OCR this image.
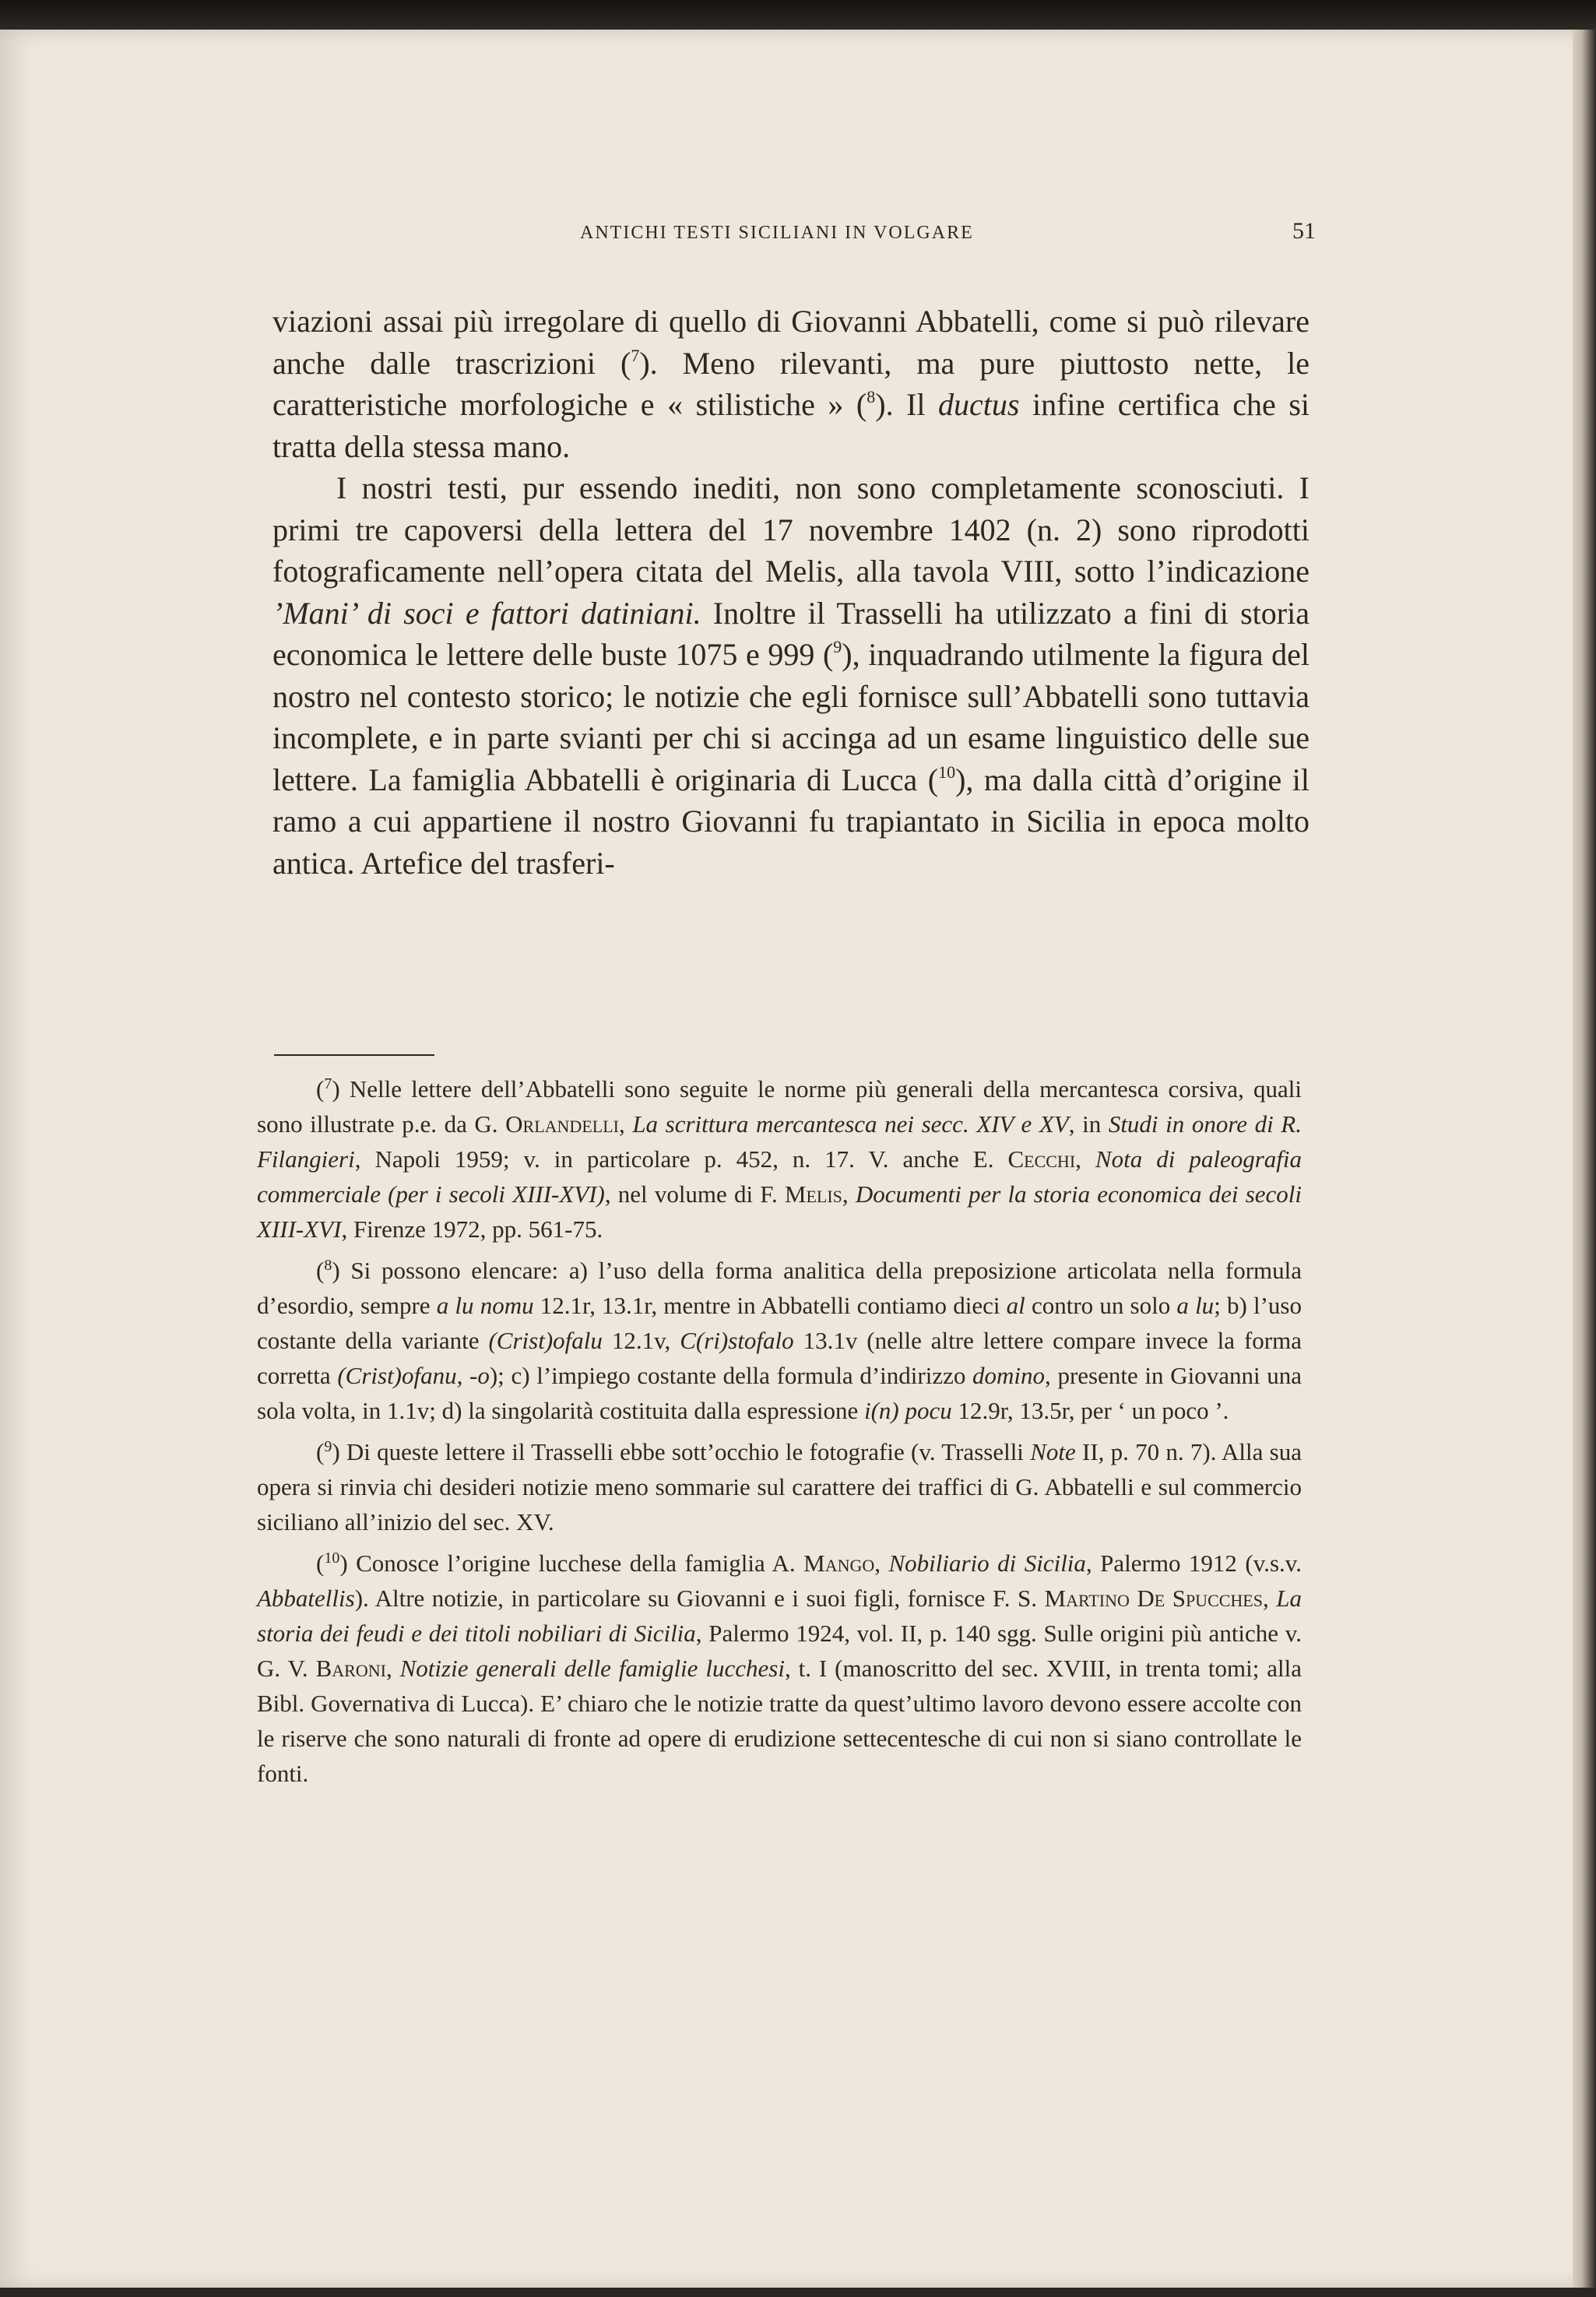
ANTICHI TESTI SICILIANI IN VOLGARE	51

viazioni assai più irregolare di quello di Giovanni Abbatelli, come si può rilevare anche dalle trascrizioni ($^7$). Meno rilevanti, ma pure piuttosto nette, le caratteristiche morfologiche e « stilistiche » ($^8$). Il ductus infine certifica che si tratta della stessa mano.

I nostri testi, pur essendo inediti, non sono completamente sconosciuti. I primi tre capoversi della lettera del 17 novembre 1402 (n. 2) sono riprodotti fotograficamente nell’opera citata del Melis, alla tavola VIII, sotto l’indicazione ’Mani’ di soci e fattori datiniani. Inoltre il Trasselli ha utilizzato a fini di storia economica le lettere delle buste 1075 e 999 ($^9$), inquadrando utilmente la figura del nostro nel contesto storico; le notizie che egli fornisce sull’Abbatelli sono tuttavia incomplete, e in parte svianti per chi si accinga ad un esame linguistico delle sue lettere. La famiglia Abbatelli è originaria di Lucca ($^{10}$), ma dalla città d’origine il ramo a cui appartiene il nostro Giovanni fu trapiantato in Sicilia in epoca molto antica. Artefice del trasferi-

($^7$) Nelle lettere dell’Abbatelli sono seguite le norme più generali della mercantesca corsiva, quali sono illustrate p.e. da G. Orlandelli, La scrittura mercantesca nei secc. XIV e XV, in Studi in onore di R. Filangieri, Napoli 1959; v. in particolare p. 452, n. 17. V. anche E. Cecchi, Nota di paleografia commerciale (per i secoli XIII-XVI), nel volume di F. Melis, Documenti per la storia economica dei secoli XIII-XVI, Firenze 1972, pp. 561-75.

($^8$) Si possono elencare: a) l’uso della forma analitica della preposizione articolata nella formula d’esordio, sempre a lu nomu 12.1r, 13.1r, mentre in Abbatelli contiamo dieci al contro un solo a lu; b) l’uso costante della variante (Crist)ofalu 12.1v, C(ri)stofalo 13.1v (nelle altre lettere compare invece la forma corretta (Crist)ofanu, -o); c) l’impiego costante della formula d’indirizzo domino, presente in Giovanni una sola volta, in 1.1v; d) la singolarità costituita dalla espressione i(n) pocu 12.9r, 13.5r, per ‘ un poco ’.

($^9$) Di queste lettere il Trasselli ebbe sott’occhio le fotografie (v. Trasselli Note II, p. 70 n. 7). Alla sua opera si rinvia chi desideri notizie meno sommarie sul carattere dei traffici di G. Abbatelli e sul commercio siciliano all’inizio del sec. XV.

($^{10}$) Conosce l’origine lucchese della famiglia A. Mango, Nobiliario di Sicilia, Palermo 1912 (v.s.v. Abbatellis). Altre notizie, in particolare su Giovanni e i suoi figli, fornisce F. S. Martino De Spucches, La storia dei feudi e dei titoli nobiliari di Sicilia, Palermo 1924, vol. II, p. 140 sgg. Sulle origini più antiche v. G. V. Baroni, Notizie generali delle famiglie lucchesi, t. I (manoscritto del sec. XVIII, in trenta tomi; alla Bibl. Governativa di Lucca). E’ chiaro che le notizie tratte da quest’ultimo lavoro devono essere accolte con le riserve che sono naturali di fronte ad opere di erudizione settecentesche di cui non si siano controllate le fonti.
